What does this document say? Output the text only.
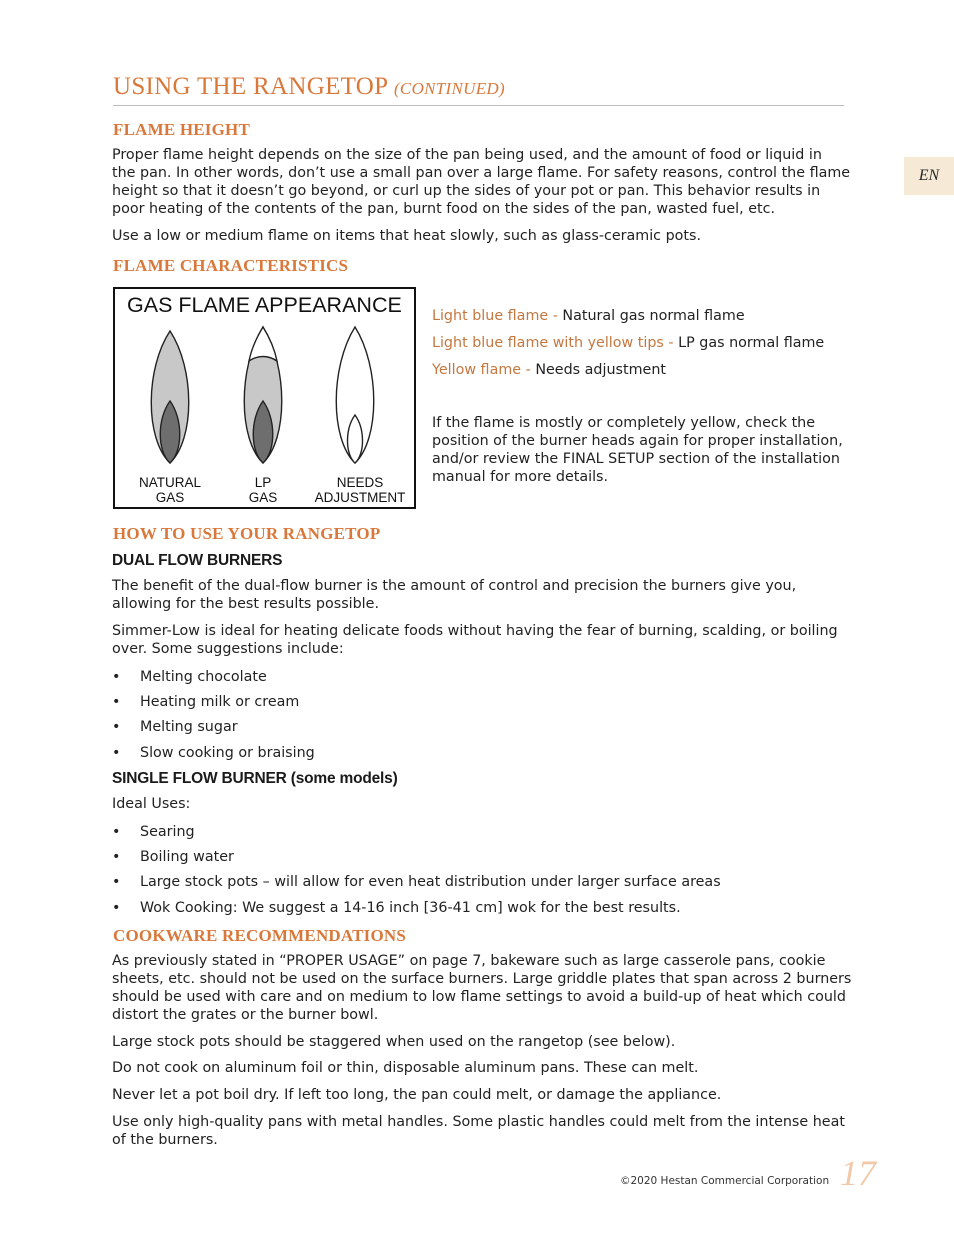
USING THE RANGETOP (CONTINUED)
EN
FLAME HEIGHT

Proper flame height depends on the size of the pan being used, and the amount of food or liquid in
the pan. In other words, don’t use a small pan over a large flame. For safety reasons, control the flame
height so that it doesn’t go beyond, or curl up the sides of your pot or pan. This behavior results in
poor heating of the contents of the pan, burnt food on the sides of the pan, wasted fuel, etc.

Use a low or medium flame on items that heat slowly, such as glass-ceramic pots.

FLAME CHARACTERISTICS
GAS FLAME APPEARANCE
NATURAL
GAS
LP
GAS
NEEDS
ADJUSTMENT

Light blue flame - Natural gas normal flame

Light blue flame with yellow tips - LP gas normal flame

Yellow flame - Needs adjustment

If the flame is mostly or completely yellow, check the
position of the burner heads again for proper installation,
and/or review the FINAL SETUP section of the installation
manual for more details.

HOW TO USE YOUR RANGETOP
DUAL FLOW BURNERS

The benefit of the dual-flow burner is the amount of control and precision the burners give you,
allowing for the best results possible.

Simmer-Low is ideal for heating delicate foods without having the fear of burning, scalding, or boiling
over. Some suggestions include:

• Melting chocolate

• Heating milk or cream

• Melting sugar

• Slow cooking or braising

SINGLE FLOW BURNER (some models)

Ideal Uses:

• Searing

• Boiling water

• Large stock pots – will allow for even heat distribution under larger surface areas

• Wok Cooking: We suggest a 14-16 inch [36-41 cm] wok for the best results.

COOKWARE RECOMMENDATIONS

As previously stated in “PROPER USAGE” on page 7, bakeware such as large casserole pans, cookie
sheets, etc. should not be used on the surface burners. Large griddle plates that span across 2 burners
should be used with care and on medium to low flame settings to avoid a build-up of heat which could
distort the grates or the burner bowl.

Large stock pots should be staggered when used on the rangetop (see below).

Do not cook on aluminum foil or thin, disposable aluminum pans. These can melt.

Never let a pot boil dry. If left too long, the pan could melt, or damage the appliance.

Use only high-quality pans with metal handles. Some plastic handles could melt from the intense heat
of the burners.

©2020 Hestan Commercial Corporation 17
